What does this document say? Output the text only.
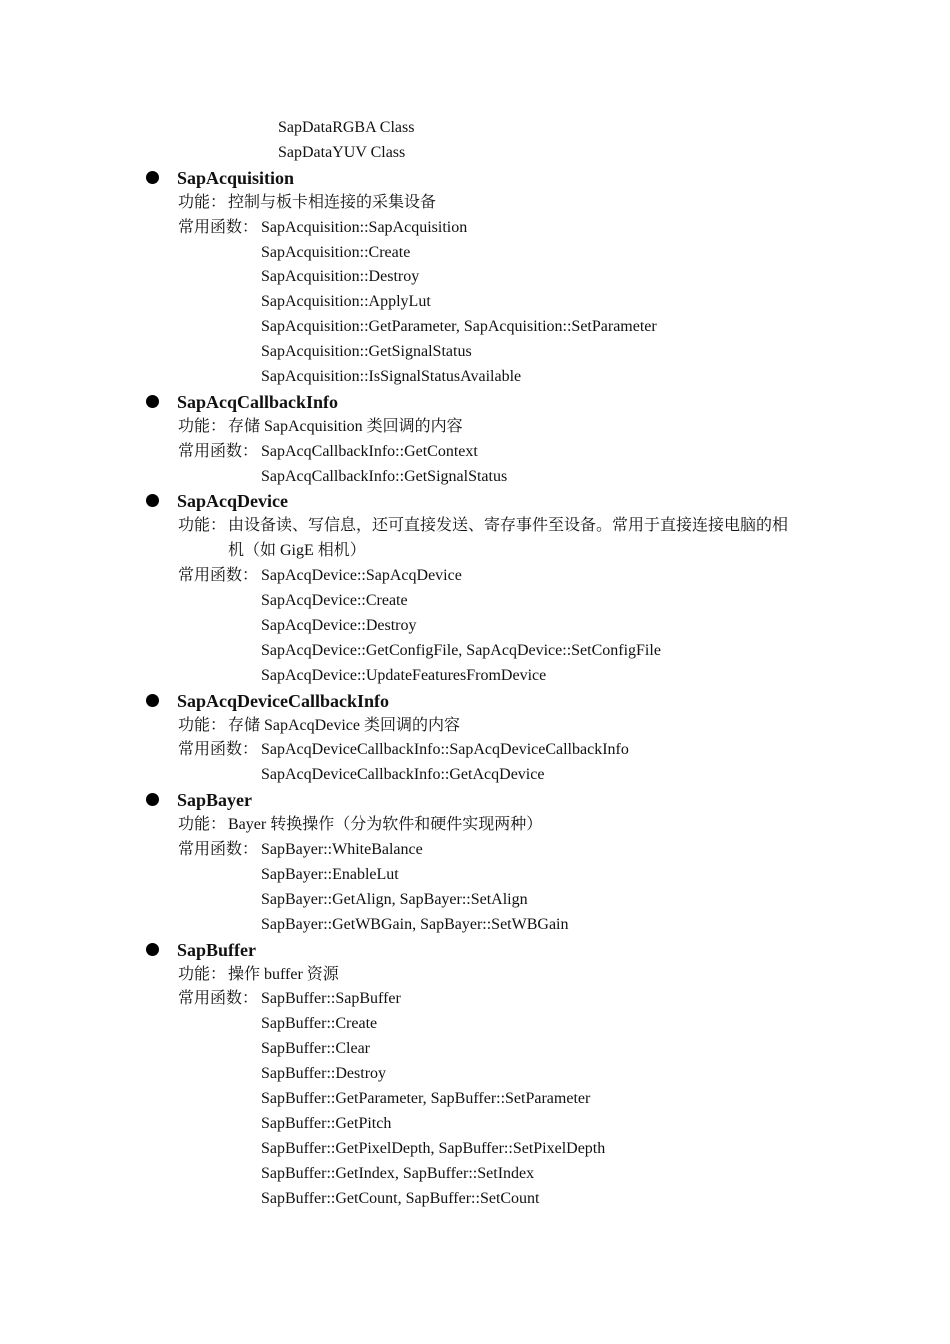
SapDataRGBA Class
SapDataYUV Class
SapAcquisition
功能： 控制与板卡相连接的采集设备
常用函数： SapAcquisition::SapAcquisition
SapAcquisition::Create
SapAcquisition::Destroy
SapAcquisition::ApplyLut
SapAcquisition::GetParameter, SapAcquisition::SetParameter
SapAcquisition::GetSignalStatus
SapAcquisition::IsSignalStatusAvailable
SapAcqCallbackInfo
功能： 存储 SapAcquisition 类回调的内容
常用函数： SapAcqCallbackInfo::GetContext
SapAcqCallbackInfo::GetSignalStatus
SapAcqDevice
功能： 由设备读、写信息，还可直接发送、寄存事件至设备。常用于直接连接电脑的相
机（如 GigE 相机）
常用函数： SapAcqDevice::SapAcqDevice
SapAcqDevice::Create
SapAcqDevice::Destroy
SapAcqDevice::GetConfigFile, SapAcqDevice::SetConfigFile
SapAcqDevice::UpdateFeaturesFromDevice
SapAcqDeviceCallbackInfo
功能： 存储 SapAcqDevice 类回调的内容
常用函数： SapAcqDeviceCallbackInfo::SapAcqDeviceCallbackInfo
SapAcqDeviceCallbackInfo::GetAcqDevice
SapBayer
功能： Bayer 转换操作（分为软件和硬件实现两种）
常用函数： SapBayer::WhiteBalance
SapBayer::EnableLut
SapBayer::GetAlign, SapBayer::SetAlign
SapBayer::GetWBGain, SapBayer::SetWBGain
SapBuffer
功能： 操作 buffer 资源
常用函数： SapBuffer::SapBuffer
SapBuffer::Create
SapBuffer::Clear
SapBuffer::Destroy
SapBuffer::GetParameter, SapBuffer::SetParameter
SapBuffer::GetPitch
SapBuffer::GetPixelDepth, SapBuffer::SetPixelDepth
SapBuffer::GetIndex, SapBuffer::SetIndex
SapBuffer::GetCount, SapBuffer::SetCount
